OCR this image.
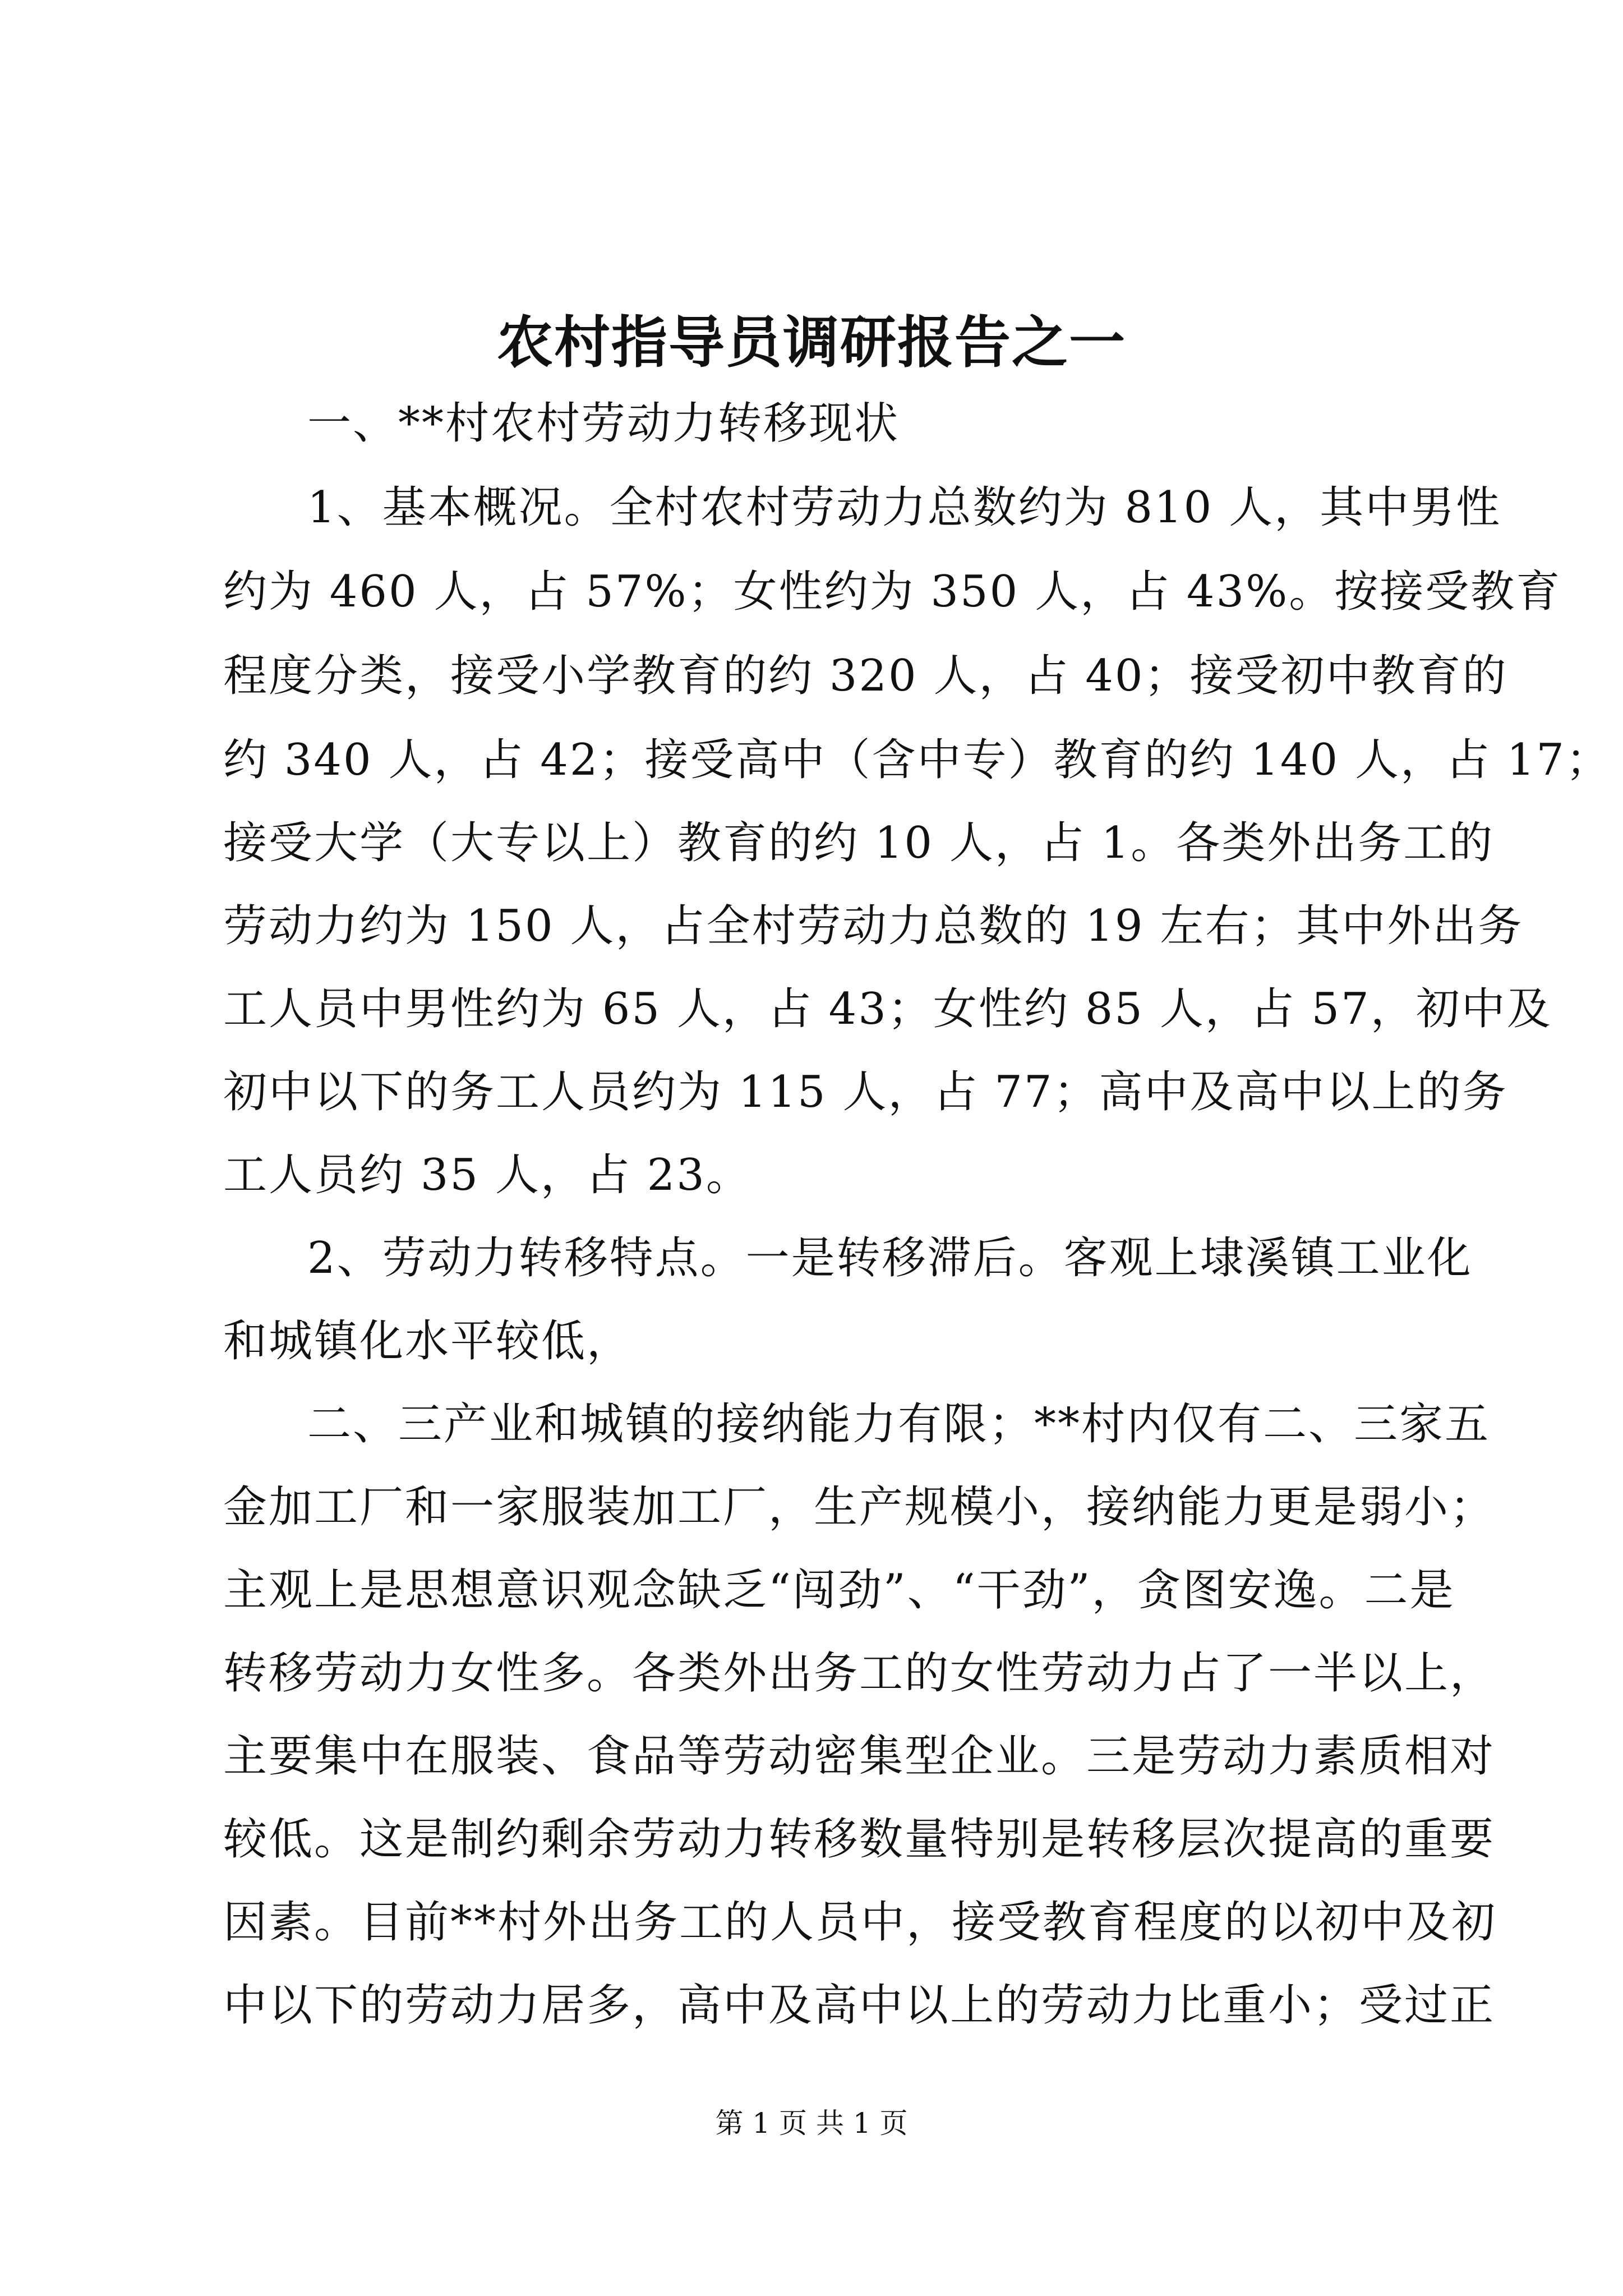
农村指导员调研报告之一
一、**村农村劳动力转移现状
1、基本概况。全村农村劳动力总数约为 810 人，其中男性
约为 460 人，占 57%；女性约为 350 人，占 43%。按接受教育
程度分类，接受小学教育的约 320 人，占 40；接受初中教育的
约 340 人，占 42；接受高中（含中专）教育的约 140 人，占 17；
接受大学（大专以上）教育的约 10 人，占 1。各类外出务工的
劳动力约为 150 人，占全村劳动力总数的 19 左右；其中外出务
工人员中男性约为 65 人，占 43；女性约 85 人，占 57，初中及
初中以下的务工人员约为 115 人，占 77；高中及高中以上的务
工人员约 35 人，占 23。
2、劳动力转移特点。一是转移滞后。客观上埭溪镇工业化
和城镇化水平较低，
二、三产业和城镇的接纳能力有限；**村内仅有二、三家五
金加工厂和一家服装加工厂，生产规模小，接纳能力更是弱小；
主观上是思想意识观念缺乏“闯劲”、“干劲”，贪图安逸。二是
转移劳动力女性多。各类外出务工的女性劳动力占了一半以上，
主要集中在服装、食品等劳动密集型企业。三是劳动力素质相对
较低。这是制约剩余劳动力转移数量特别是转移层次提高的重要
因素。目前**村外出务工的人员中，接受教育程度的以初中及初
中以下的劳动力居多，高中及高中以上的劳动力比重小；受过正
第 1 页 共 1 页
